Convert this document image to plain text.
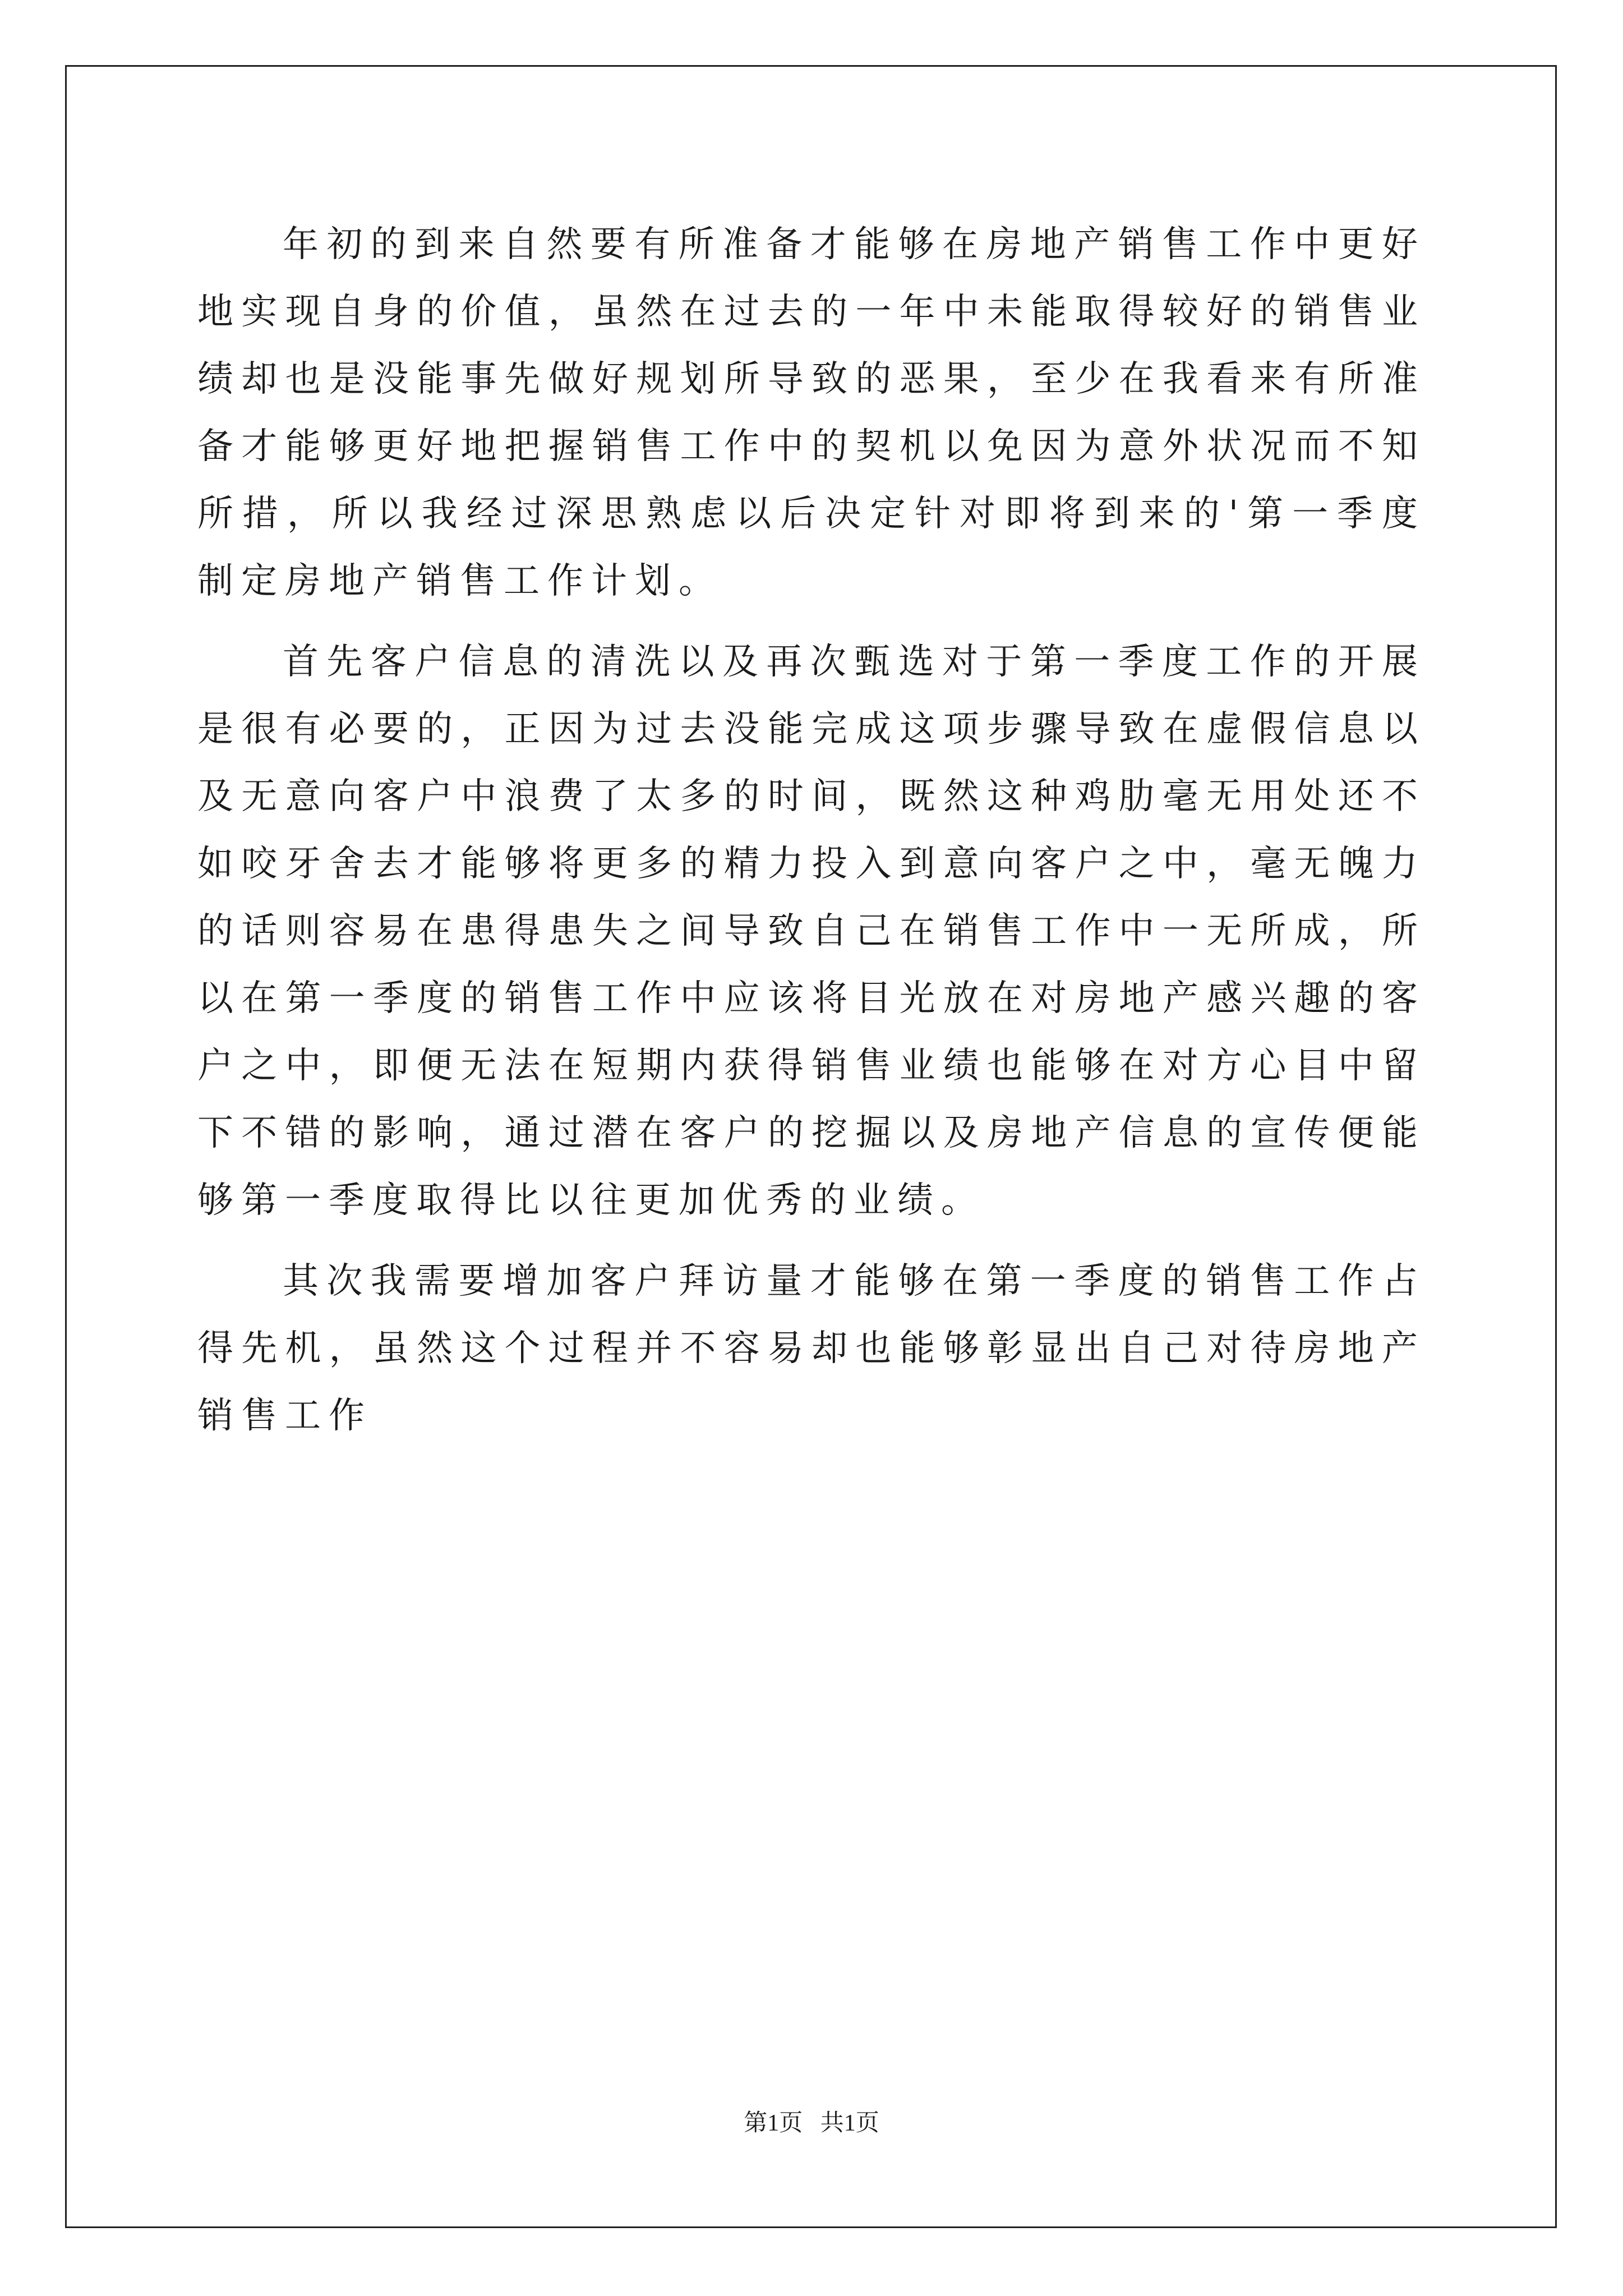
年初的到来自然要有所准备才能够在房地产销售工作中更好地实现自身的价值，虽然在过去的一年中未能取得较好的销售业绩却也是没能事先做好规划所导致的恶果，至少在我看来有所准备才能够更好地把握销售工作中的契机以免因为意外状况而不知所措，所以我经过深思熟虑以后决定针对即将到来的'第一季度制定房地产销售工作计划。

首先客户信息的清洗以及再次甄选对于第一季度工作的开展是很有必要的，正因为过去没能完成这项步骤导致在虚假信息以及无意向客户中浪费了太多的时间，既然这种鸡肋毫无用处还不如咬牙舍去才能够将更多的精力投入到意向客户之中，毫无魄力的话则容易在患得患失之间导致自己在销售工作中一无所成，所以在第一季度的销售工作中应该将目光放在对房地产感兴趣的客户之中，即便无法在短期内获得销售业绩也能够在对方心目中留下不错的影响，通过潜在客户的挖掘以及房地产信息的宣传便能够第一季度取得比以往更加优秀的业绩。

其次我需要增加客户拜访量才能够在第一季度的销售工作占得先机，虽然这个过程并不容易却也能够彰显出自己对待房地产销售工作

第1页   共1页
